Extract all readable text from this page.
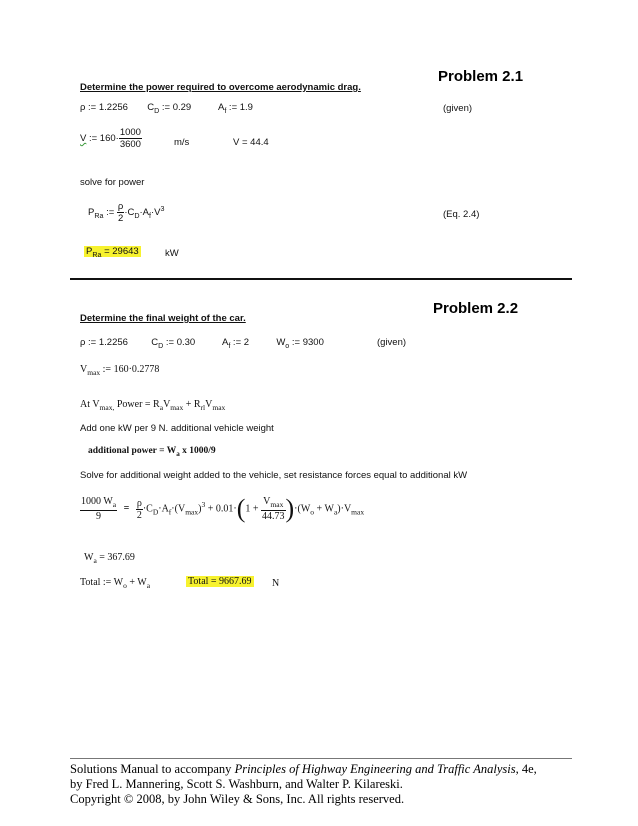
Problem 2.1
Determine the power required to overcome aerodynamic drag.
ρ := 1.2256 $C_D$ := 0.29	$A_f$ := 1.9	(given)
V := $160\cdot \frac{1000}{3600}$	m/s	V = 44.4
solve for power
$P_{Ra}$ := $\frac{\rho}{2} \cdot C_D\cdot A_f\cdot V^3$
(Eq. 2.4)
$P_{Ra} = 29643$	kW
Problem 2.2
Determine the final weight of the car.
ρ := 1.2256 $C_D$ := 0.30	$A_f$ := 2	$W_o$ := 9300	(given)
$V_{max}$ := 160·0.2778
At $V_{max,}$ Power = $R_aV_{max} + R_{rl}V_{max}$
Add one kW per 9 N. additional vehicle weight
additional power = $W_a$ x 1000/9
Solve for additional weight added to the vehicle, set resistance forces equal to additional kW
$\frac{1000 W_a}{9} = \frac{\rho}{2} \cdot C_D\cdot A_f\cdot(V_{max})^3 + 0.01\cdot(1 + \frac{V_{max}}{44.73} )\cdot(W_o + W_a)\cdot V_{max}$
$W_a = 367.69$
Total := $W_o + W_a$	Total = 9667.69 N
Solutions Manual to accompany Principles of Highway Engineering and Traffic Analysis, 4e,
by Fred L. Mannering, Scott S. Washburn, and Walter P. Kilareski.
Copyright © 2008, by John Wiley & Sons, Inc. All rights reserved.
